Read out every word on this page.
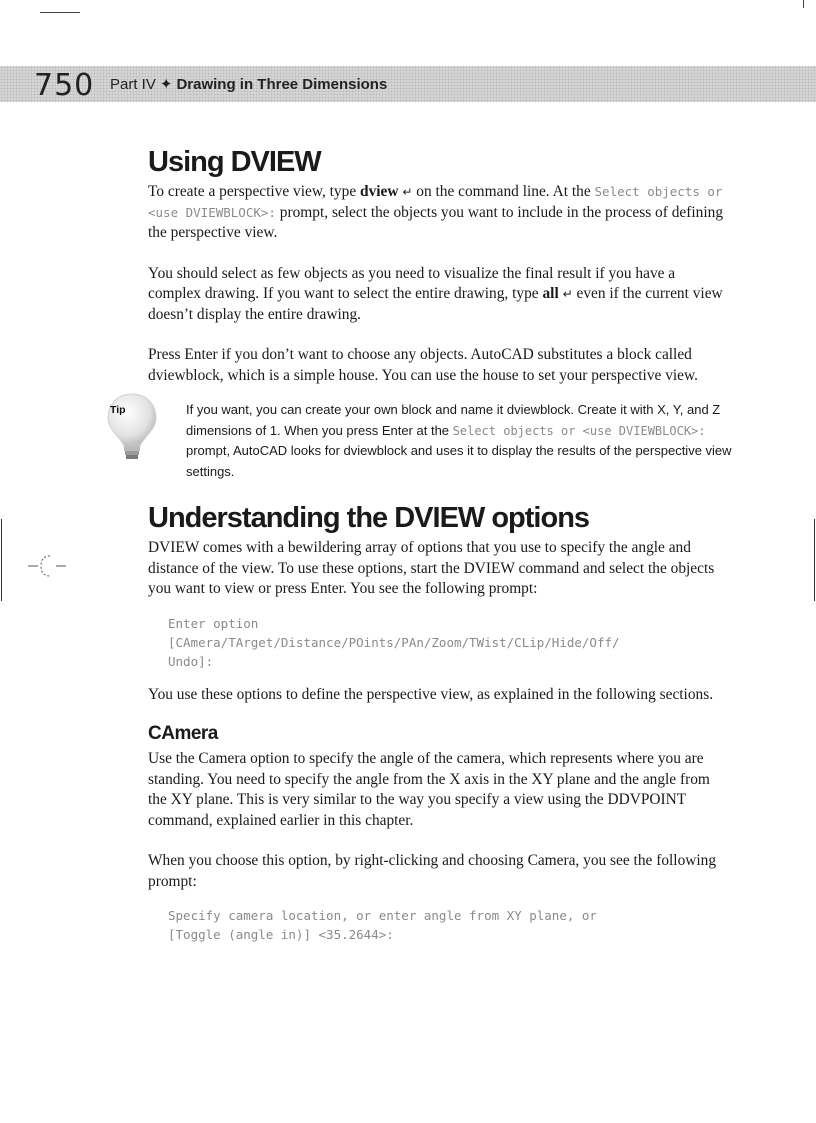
750 Part IV ✦ Drawing in Three Dimensions
Using DVIEW

To create a perspective view, type dview ↵ on the command line. At the Select objects or <use DVIEWBLOCK>: prompt, select the objects you want to include in the process of defining the perspective view.

You should select as few objects as you need to visualize the final result if you have a complex drawing. If you want to select the entire drawing, type all ↵ even if the current view doesn’t display the entire drawing.

Press Enter if you don’t want to choose any objects. AutoCAD substitutes a block called dviewblock, which is a simple house. You can use the house to set your perspective view.

Tip	If you want, you can create your own block and name it dviewblock. Create it with X, Y, and Z dimensions of 1. When you press Enter at the Select objects or <use DVIEWBLOCK>: prompt, AutoCAD looks for dviewblock and uses it to display the results of the perspective view settings.
Understanding the DVIEW options

DVIEW comes with a bewildering array of options that you use to specify the angle and distance of the view. To use these options, start the DVIEW command and select the objects you want to view or press Enter. You see the following prompt:

Enter option
[CAmera/TArget/Distance/POints/PAn/Zoom/TWist/CLip/Hide/Off/
Undo]:

You use these options to define the perspective view, as explained in the following sections.

CAmera

Use the Camera option to specify the angle of the camera, which represents where you are standing. You need to specify the angle from the X axis in the XY plane and the angle from the XY plane. This is very similar to the way you specify a view using the DDVPOINT command, explained earlier in this chapter.

When you choose this option, by right-clicking and choosing Camera, you see the following prompt:

Specify camera location, or enter angle from XY plane, or
[Toggle (angle in)] <35.2644>:
